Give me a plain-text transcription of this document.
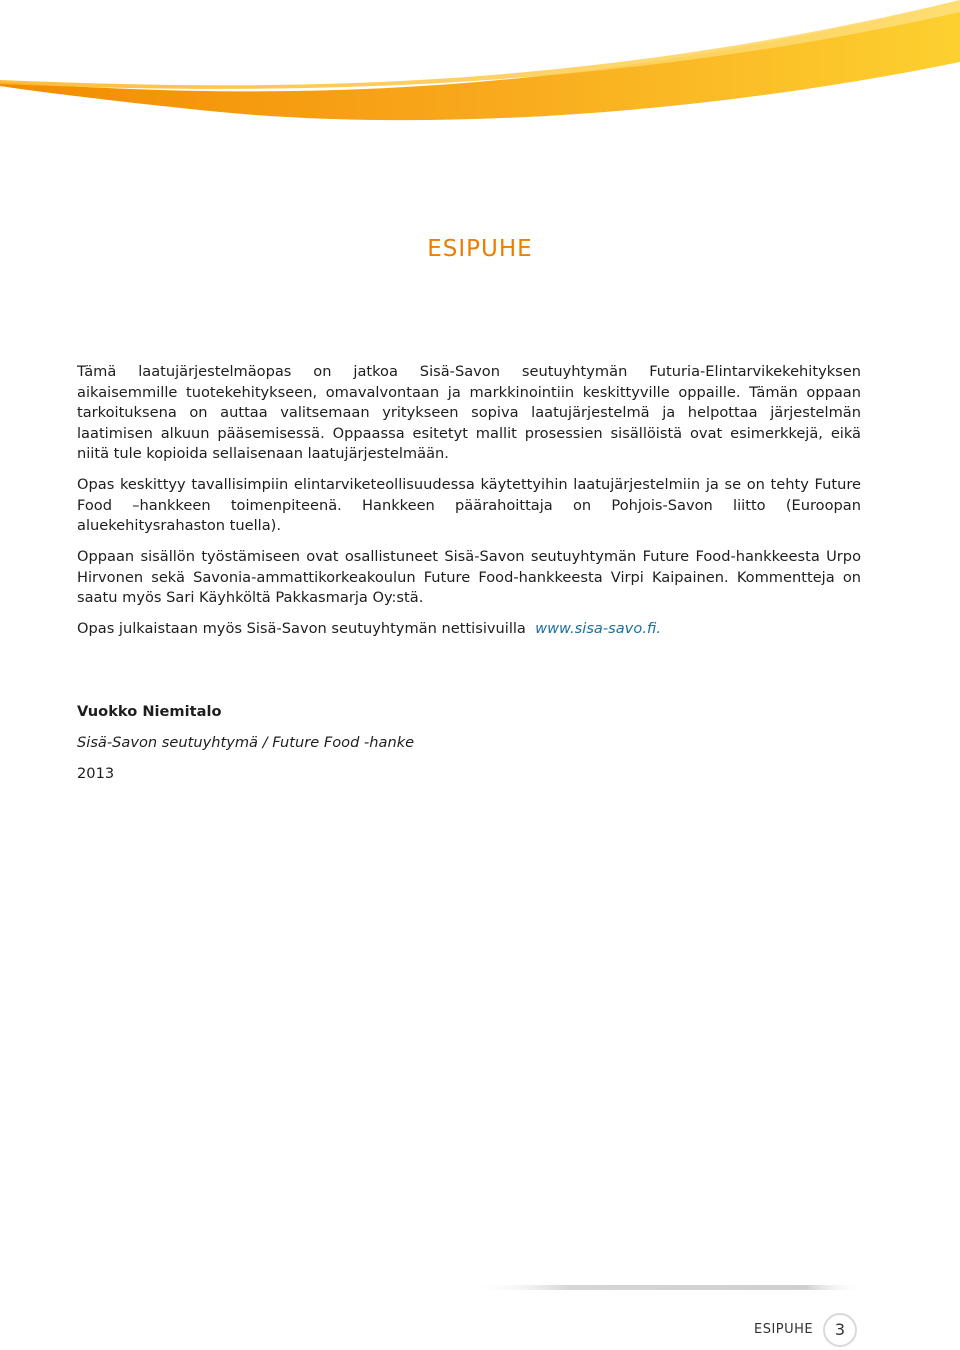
ESIPUHE

Tämä laatujärjestelmäopas on jatkoa Sisä-Savon seutuyhtymän Futuria-Elintarvikekehityksen aikaisemmille tuotekehitykseen, omavalvontaan ja markkinointiin keskittyville oppaille. Tämän oppaan tarkoituksena on auttaa valitsemaan yritykseen sopiva laatujärjestelmä ja helpottaa järjestelmän laatimisen alkuun pääsemisessä. Oppaassa esitetyt mallit prosessien sisällöistä ovat esimerkkejä, eikä niitä tule kopioida sellaisenaan laatujärjestelmään.

Opas keskittyy tavallisimpiin elintarviketeollisuudessa käytettyihin laatujärjestelmiin ja se on tehty Future Food –hankkeen toimenpiteenä. Hankkeen päärahoittaja on Pohjois-Savon liitto (Euroopan aluekehitysrahaston tuella).

Oppaan sisällön työstämiseen ovat osallistuneet Sisä-Savon seutuyhtymän Future Food-hankkeesta Urpo Hirvonen sekä Savonia-ammattikorkeakoulun Future Food-hankkeesta Virpi Kaipainen. Kommentteja on saatu myös Sari Käyhköltä Pakkasmarja Oy:stä.

Opas julkaistaan myös Sisä-Savon seutuyhtymän nettisivuilla www.sisa-savo.fi.

Vuokko Niemitalo

Sisä-Savon seutuyhtymä / Future Food -hanke

2013

ESIPUHE	3
